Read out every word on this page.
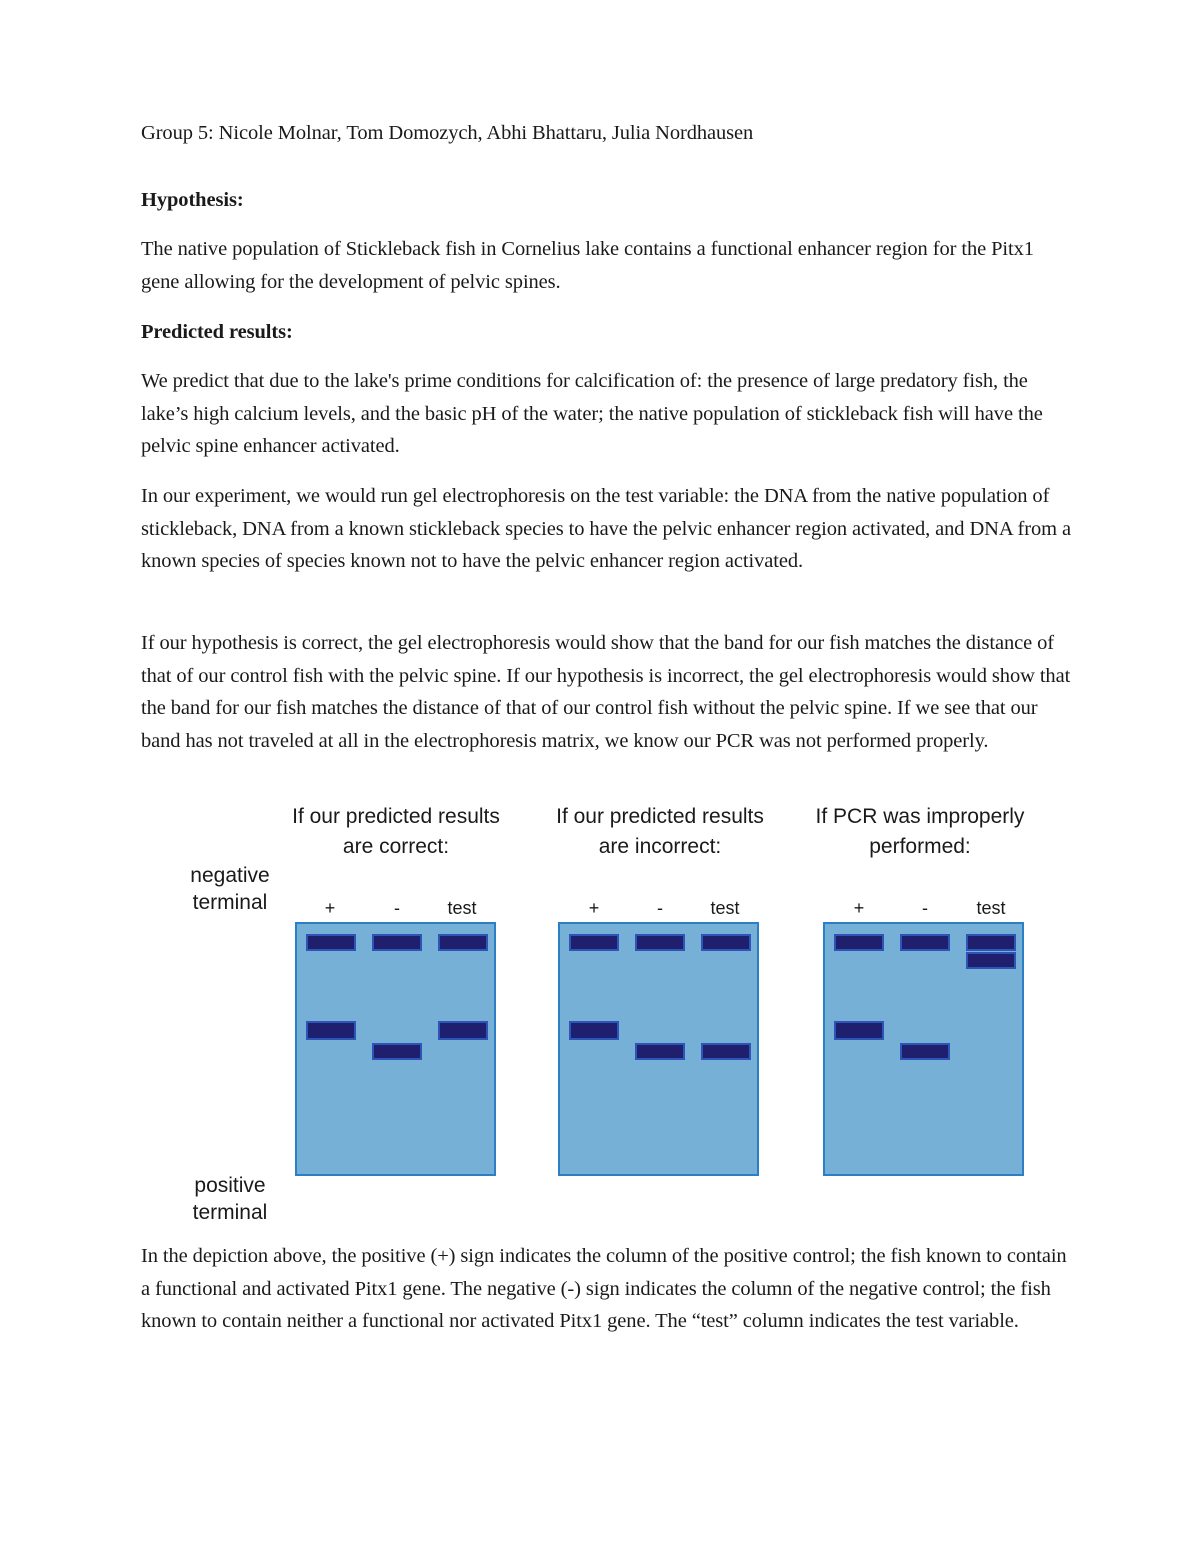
Group 5: Nicole Molnar, Tom Domozych, Abhi Bhattaru, Julia Nordhausen
Hypothesis:
The native population of Stickleback fish in Cornelius lake contains a functional enhancer region for the Pitx1 gene allowing for the development of pelvic spines.
Predicted results:
We predict that due to the lake's prime conditions for calcification of: the presence of large predatory fish, the lake’s high calcium levels, and the basic pH of the water; the native population of stickleback fish will have the pelvic spine enhancer activated.
In our experiment, we would run gel electrophoresis on the test variable: the DNA from the native population of stickleback, DNA from a known stickleback species to have the pelvic enhancer region activated, and DNA from a known species of species known not to have the pelvic enhancer region activated.
If our hypothesis is correct, the gel electrophoresis would show that the band for our fish matches the distance of that of our control fish with the pelvic spine. If our hypothesis is incorrect, the gel electrophoresis would show that the band for our fish matches the distance of that of our control fish without the pelvic spine. If we see that our band has not traveled at all in the electrophoresis matrix, we know our PCR was not performed properly.
negative terminal
positive terminal
If our predicted results are correct:
+	-	test
If our predicted results are incorrect:
+	-	test
If PCR was improperly performed:
+	-	test
In the depiction above, the positive (+) sign indicates the column of the positive control; the fish known to contain a functional and activated Pitx1 gene. The negative (-) sign indicates the column of the negative control; the fish known to contain neither a functional nor activated Pitx1 gene. The “test” column indicates the test variable.
